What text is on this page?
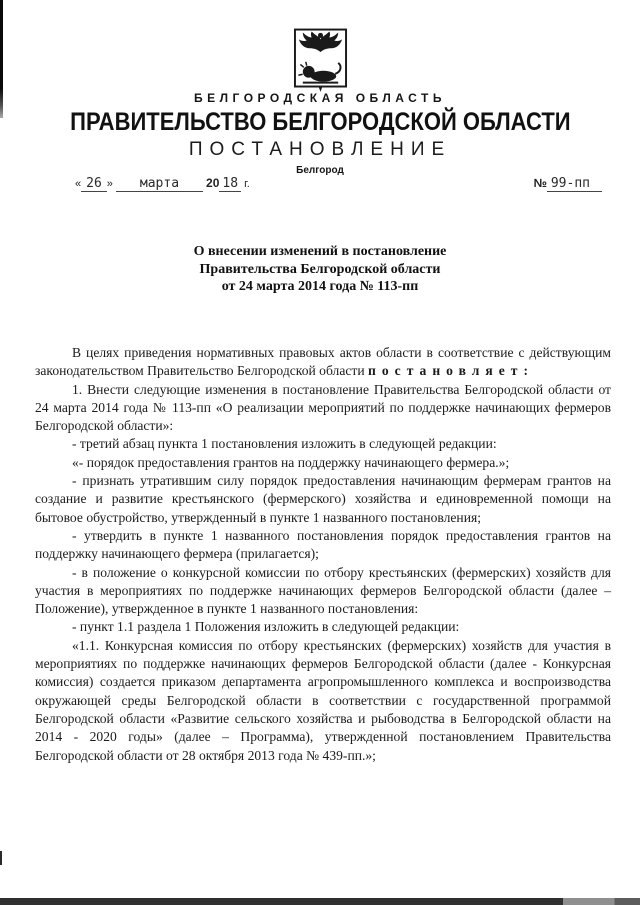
БЕЛГОРОДСКАЯ ОБЛАСТЬ
ПРАВИТЕЛЬСТВО БЕЛГОРОДСКОЙ ОБЛАСТИ
ПОСТАНОВЛЕНИЕ
Белгород
« 26 » марта 20 18 г.	№ 99-пп
О внесении изменений в постановление
Правительства Белгородской области
от 24 марта 2014 года № 113-пп

В целях приведения нормативных правовых актов области в соответствие с действующим законодательством Правительство Белгородской области постановляет:

1. Внести следующие изменения в постановление Правительства Белгородской области от 24 марта 2014 года № 113-пп «О реализации мероприятий по поддержке начинающих фермеров Белгородской области»:

- третий абзац пункта 1 постановления изложить в следующей редакции:

«- порядок предоставления грантов на поддержку начинающего фермера.»;

- признать утратившим силу порядок предоставления начинающим фермерам грантов на создание и развитие крестьянского (фермерского) хозяйства и единовременной помощи на бытовое обустройство, утвержденный в пункте 1 названного постановления;

- утвердить в пункте 1 названного постановления порядок предоставления грантов на поддержку начинающего фермера (прилагается);

- в положение о конкурсной комиссии по отбору крестьянских (фермерских) хозяйств для участия в мероприятиях по поддержке начинающих фермеров Белгородской области (далее – Положение), утвержденное в пункте 1 названного постановления:

- пункт 1.1 раздела 1 Положения изложить в следующей редакции:

«1.1. Конкурсная комиссия по отбору крестьянских (фермерских) хозяйств для участия в мероприятиях по поддержке начинающих фермеров Белгородской области (далее - Конкурсная комиссия) создается приказом департамента агропромышленного комплекса и воспроизводства окружающей среды Белгородской области в соответствии с государственной программой Белгородской области «Развитие сельского хозяйства и рыбоводства в Белгородской области на 2014 - 2020 годы» (далее – Программа), утвержденной постановлением Правительства Белгородской области от 28 октября 2013 года № 439-пп.»;
